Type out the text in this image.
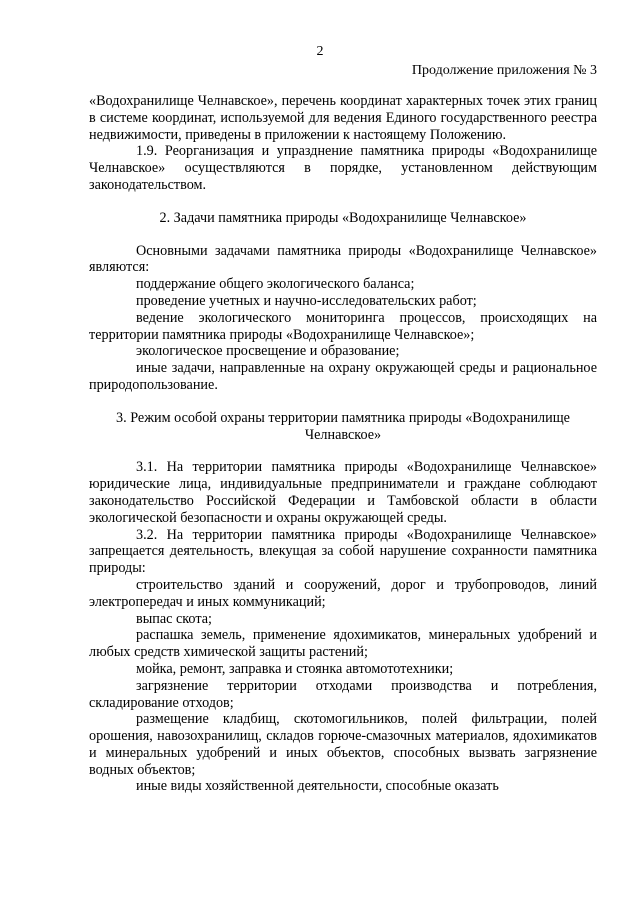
2
Продолжение приложения № 3
«Водохранилище Челнавское», перечень координат характерных точек этих границ в системе координат, используемой для ведения Единого государственного реестра недвижимости, приведены в приложении к настоящему Положению.
1.9. Реорганизация и упразднение памятника природы «Водохранилище Челнавское» осуществляются в порядке, установленном действующим законодательством.
2. Задачи памятника природы «Водохранилище Челнавское»
Основными задачами памятника природы «Водохранилище Челнавское» являются:
поддержание общего экологического баланса;
проведение учетных и научно-исследовательских работ;
ведение экологического мониторинга процессов, происходящих на территории памятника природы «Водохранилище Челнавское»;
экологическое просвещение и образование;
иные задачи, направленные на охрану окружающей среды и рациональное природопользование.
3. Режим особой охраны территории памятника природы «Водохранилище Челнавское»
3.1. На территории памятника природы «Водохранилище Челнавское» юридические лица, индивидуальные предприниматели и граждане соблюдают законодательство Российской Федерации и Тамбовской области в области экологической безопасности и охраны окружающей среды.
3.2. На территории памятника природы «Водохранилище Челнавское» запрещается деятельность, влекущая за собой нарушение сохранности памятника природы:
строительство зданий и сооружений, дорог и трубопроводов, линий электропередач и иных коммуникаций;
выпас скота;
распашка земель, применение ядохимикатов, минеральных удобрений и любых средств химической защиты растений;
мойка, ремонт, заправка и стоянка автомототехники;
загрязнение территории отходами производства и потребления, складирование отходов;
размещение кладбищ, скотомогильников, полей фильтрации, полей орошения, навозохранилищ, складов горюче-смазочных материалов, ядохимикатов и минеральных удобрений и иных объектов, способных вызвать загрязнение водных объектов;
иные виды хозяйственной деятельности, способные оказать
